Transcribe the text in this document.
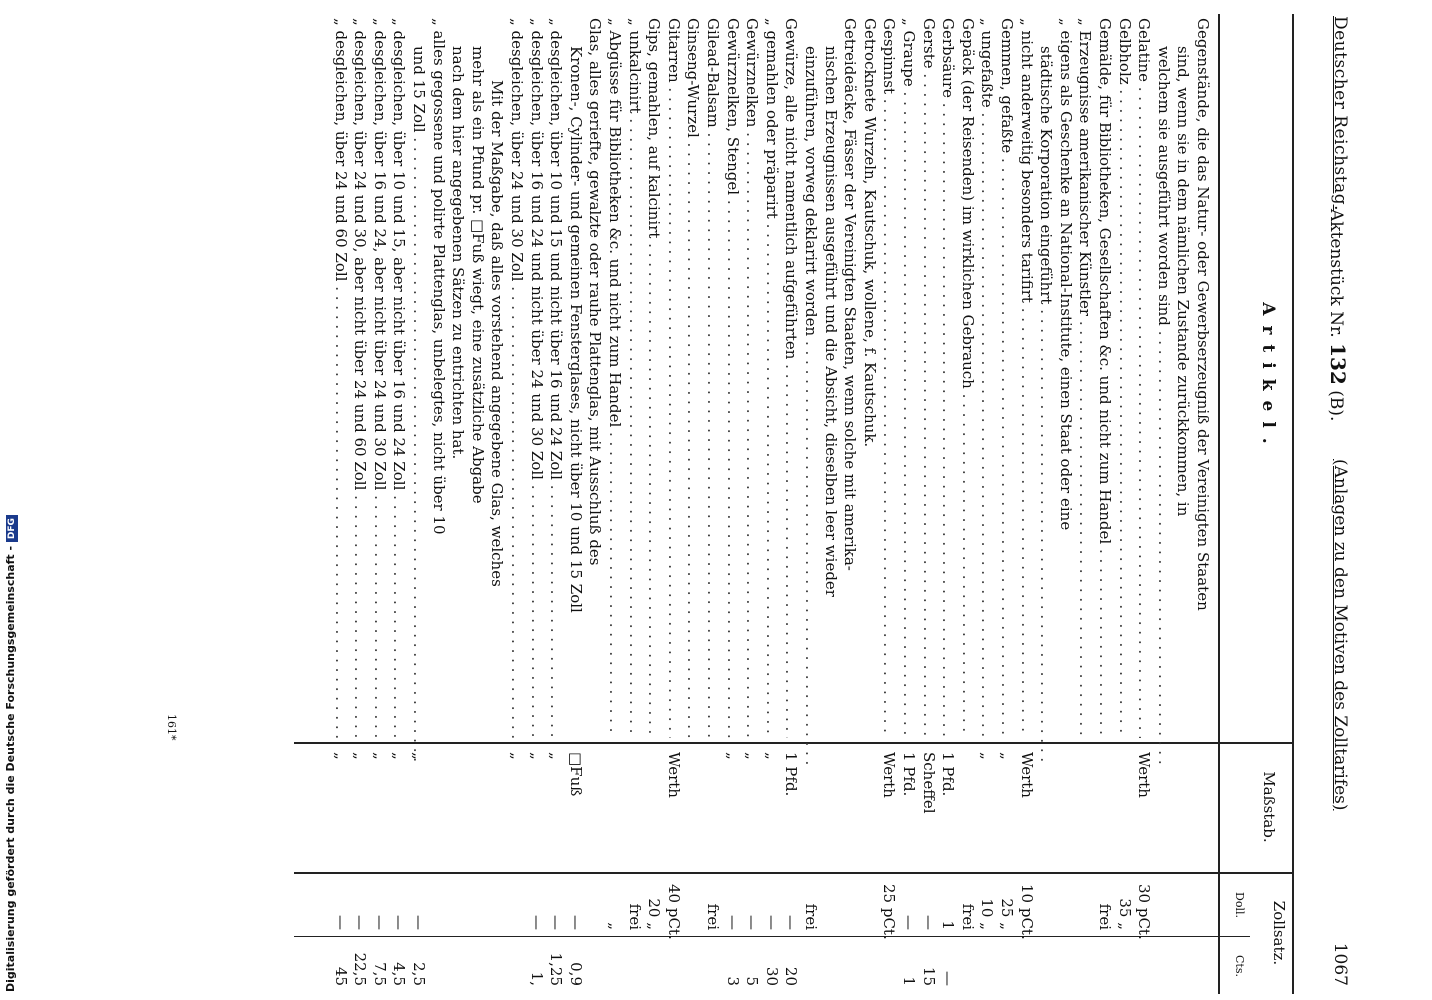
Deutscher Reichstag.
Aktenstück Nr. 132 (B).
(Anlagen zu den Motiven des Zolltarifes)
1067
Artikel.
Maßstab.
Zollsatz.
Doll.
Cts.
Gegenstände, die das Natur- oder Gewerbserzeugniß der Vereinigten Staaten
sind, wenn sie in dem nämlichen Zustande zurückkommen, in
welchem sie ausgeführt worden sind . . .
Gelatine . . .
Werth
30 pCt.
Gelbholz . . .
35 „
Gemälde, für Bibliotheken, Gesellschaften &c. und nicht zum Handel . . .
frei
„ Erzeugnisse amerikanischer Künstler . . .
„ eigens als Geschenke an National-Institute, einen Staat oder eine
städtische Korporation eingeführt . . .
„ nicht anderweitig besonders tarifirt . . .
Werth
10 pCt.
Gemmen, gefaßte . . .
„
25 „
„ ungefaßte . . .
„
10 „
Gepäck (der Reisenden) im wirklichen Gebrauch . . .
frei
Gerbsäure . . .
1 Pfd.
1
—
Gerste . . .
Scheffel
—
15
„ Graupe . . .
1 Pfd.
—
1
Gespinnst . . .
Werth
25 pCt.
Getrocknete Wurzeln, Kautschuk, wollene, f. Kautschuk.
Getreideäcke, Fässer der Vereinigten Staaten, wenn solche mit amerika-
nischen Erzeugnissen ausgeführt und die Absicht, dieselben leer wieder
einzuführen, vorweg deklarirt worden . . .
frei
Gewürze, alle nicht namentlich aufgeführten . . .
1 Pfd.
—
20
„ gemahlen oder präparirt . . .
„
—
30
Gewürznelken . . .
„
—
5
Gewürznelken, Stengel . . .
„
—
3
Gilead-Balsam . . .
frei
Ginseng-Wurzel . . .
Gitarren . . .
Werth
40 pCt.
Gips, gemahlen, auf kalcinirt . . .
20 „
„ unkalcinirt . . .
frei
„ Abgüsse für Bibliotheken &c. und nicht zum Handel . . .
„
Glas, alles geriefte, gewalzte oder rauhe Plattenglas, mit Ausschluß des
Kronen-, Cylinder- und gemeinen Fensterglases, nicht über 10 und 15 Zoll
□Fuß
—
0,9
„ desgleichen, über 10 und 15 und nicht über 16 und 24 Zoll . . .
„
—
1,25
„ desgleichen, über 16 und 24 und nicht über 24 und 30 Zoll . . .
„
—
1,
„ desgleichen, über 24 und 30 Zoll . . .
„
Mit der Maßgabe, daß alles vorstehend angegebene Glas, welches
mehr als ein Pfund pr. □Fuß wiegt, eine zusätzliche Abgabe
nach dem hier angegebenen Sätzen zu entrichten hat.
„ alles gegossene und polirte Plattenglas, unbelegtes, nicht über 10
und 15 Zoll . . .
„
—
2,5
„ desgleichen, über 10 und 15, aber nicht über 16 und 24 Zoll . . .
„
—
4,5
„ desgleichen, über 16 und 24, aber nicht über 24 und 30 Zoll . . .
„
—
7,5
„ desgleichen, über 24 und 30, aber nicht über 24 und 60 Zoll . . .
„
—
22,5
„ desgleichen, über 24 und 60 Zoll . . .
„
—
45
161*
Digitalisierung gefördert durch die Deutsche Forschungsgemeinschaft - DFG
